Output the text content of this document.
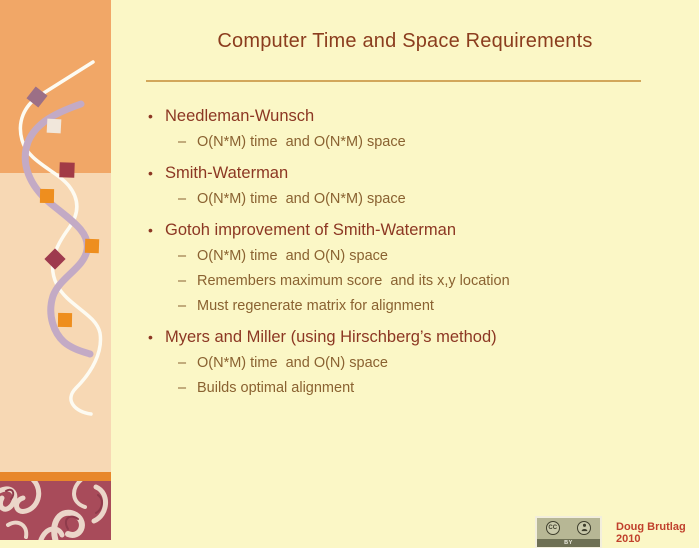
Computer Time and Space Requirements
• Needleman-Wunsch
– O(N*M) time  and O(N*M) space
• Smith-Waterman
– O(N*M) time  and O(N*M) space
• Gotoh improvement of Smith-Waterman
– O(N*M) time  and O(N) space
– Remembers maximum score  and its x,y location
– Must regenerate matrix for alignment
• Myers and Miller (using Hirschberg’s method)
– O(N*M) time  and O(N) space
– Builds optimal alignment
CC
BY
Doug Brutlag 2010
